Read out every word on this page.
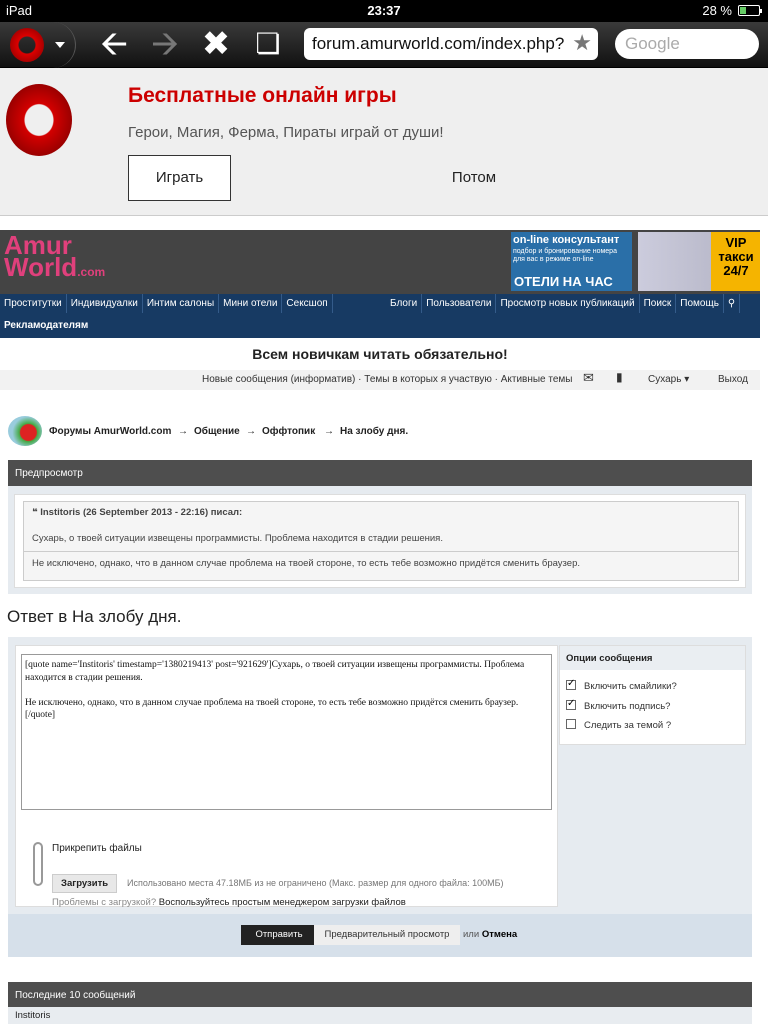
iPad	23:37	28 %
🡨 🡪 ✖ ❏	forum.amurworld.com/index.php? ★	Google
Бесплатные онлайн игры
Герои, Магия, Ферма, Пираты играй от души!
Играть	Потом
Amur
World.com
on-line консультант
подбор и бронирование номера для вас в режиме on-line
ОТЕЛИ НА ЧАС
VIP такси 24/7
Проститутки Индивидуалки Интим салоны Мини отели Сексшоп	Блоги Пользователи Просмотр новых публикаций Поиск Помощь ⚲
Рекламодателям
Всем новичкам читать обязательно!
Новые сообщения (информатив) · Темы в которых я участвую · Активные темы ✉ ▮	Сухарь ▾	Выход
Форумы AmurWorld.com → Общение → Оффтопик → На злобу дня.
Предпросмотр
❝ Institoris (26 September 2013 - 22:16) писал:
Сухарь, о твоей ситуации извещены программисты. Проблема находится в стадии решения.
Не исключено, однако, что в данном случае проблема на твоей стороне, то есть тебе возможно придётся сменить браузер.
Ответ в На злобу дня.
[quote name='Institoris' timestamp='1380219413' post='921629']Сухарь, о твоей ситуации извещены программисты. Проблема находится в стадии решения.

Не исключено, однако, что в данном случае проблема на твоей стороне, то есть тебе возможно придётся сменить браузер.[/quote]
Прикрепить файлы
Загрузить	Использовано места 47.18МБ из не ограничено (Макс. размер для одного файла: 100МБ)
Проблемы с загрузкой? Воспользуйтесь простым менеджером загрузки файлов
Опции сообщения
✓Включить смайлики?
✓Включить подпись?
Следить за темой ?
Отправить	Предварительный просмотр	или Отмена
Последние 10 сообщений
Institoris
